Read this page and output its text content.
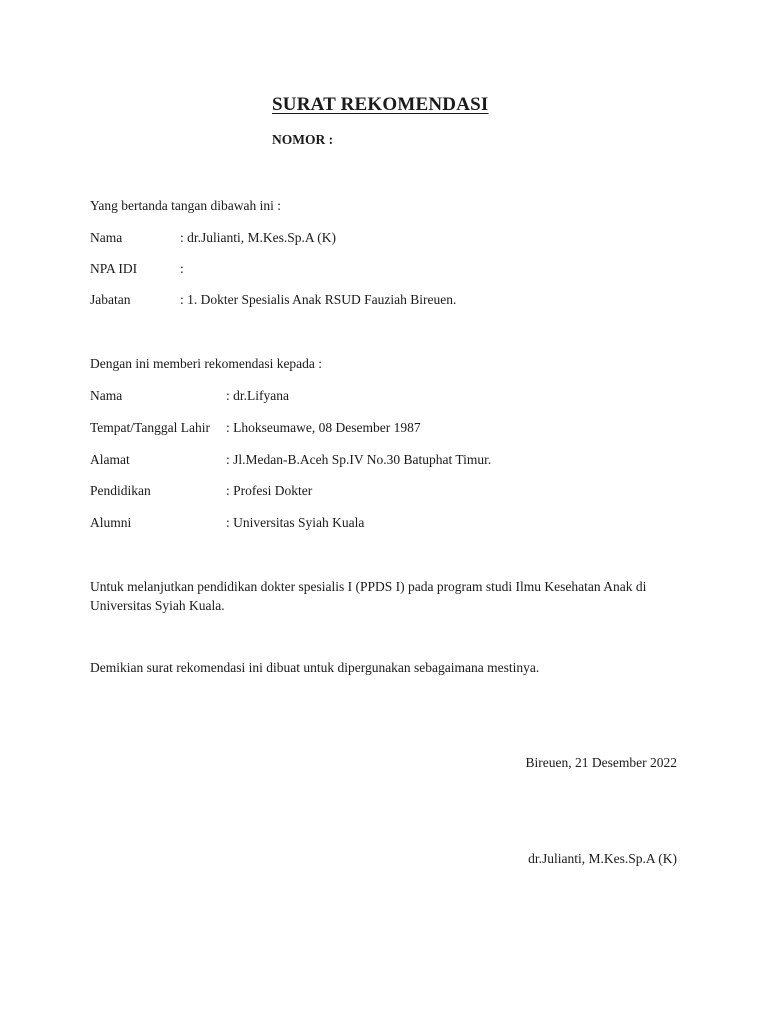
SURAT REKOMENDASI
NOMOR :
Yang bertanda tangan dibawah ini :
Nama	: dr.Julianti, M.Kes.Sp.A (K)
NPA IDI	:
Jabatan	: 1. Dokter Spesialis Anak RSUD Fauziah Bireuen.
Dengan ini memberi rekomendasi kepada :
Nama	: dr.Lifyana
Tempat/Tanggal Lahir : Lhokseumawe, 08 Desember 1987
Alamat	: Jl.Medan-B.Aceh Sp.IV No.30 Batuphat Timur.
Pendidikan	: Profesi Dokter
Alumni	: Universitas Syiah Kuala
Untuk melanjutkan pendidikan dokter spesialis I (PPDS I) pada program studi Ilmu Kesehatan Anak di Universitas Syiah Kuala.
Demikian surat rekomendasi ini dibuat untuk dipergunakan sebagaimana mestinya.
Bireuen, 21 Desember 2022
dr.Julianti, M.Kes.Sp.A (K)
